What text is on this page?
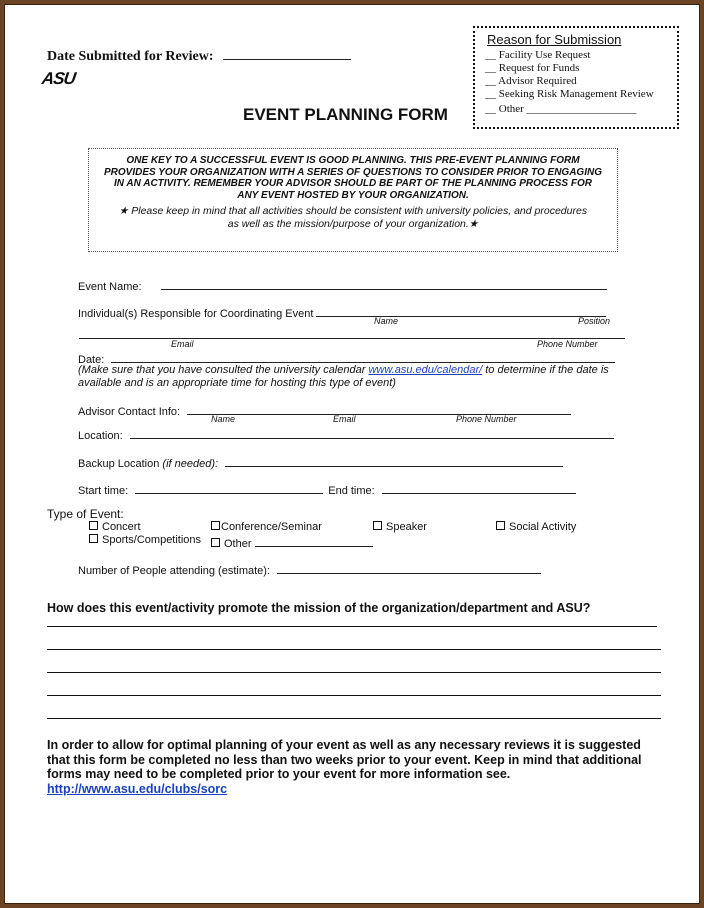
Date Submitted for Review:
ASU
EVENT PLANNING FORM
Reason for Submission
__ Facility Use Request
__ Request for Funds
__ Advisor Required
__ Seeking Risk Management Review
__ Other ____________________
ONE KEY TO A SUCCESSFUL EVENT IS GOOD PLANNING. THIS PRE-EVENT PLANNING FORM
PROVIDES YOUR ORGANIZATION WITH A SERIES OF QUESTIONS TO CONSIDER PRIOR TO ENGAGING
IN AN ACTIVITY. REMEMBER YOUR ADVISOR SHOULD BE PART OF THE PLANNING PROCESS FOR
ANY EVENT HOSTED BY YOUR ORGANIZATION.
★ Please keep in mind that all activities should be consistent with university policies, and procedures
as well as the mission/purpose of your organization.★
Event Name:
Individual(s) Responsible for Coordinating Event
Name	Position
Email	Phone Number
Date:
(Make sure that you have consulted the university calendar www.asu.edu/calendar/ to determine if the date is
available and is an appropriate time for hosting this type of event)
Advisor Contact Info:
Name	Email	Phone Number
Location:
Backup Location (if needed):
Start time:	End time:
Type of Event:
Concert	Conference/Seminar	Speaker	Social Activity
Sports/Competitions	Other
Number of People attending (estimate):
How does this event/activity promote the mission of the organization/department and ASU?
In order to allow for optimal planning of your event as well as any necessary reviews it is suggested
that this form be completed no less than two weeks prior to your event. Keep in mind that additional
forms may need to be completed prior to your event for more information see.
http://www.asu.edu/clubs/sorc
